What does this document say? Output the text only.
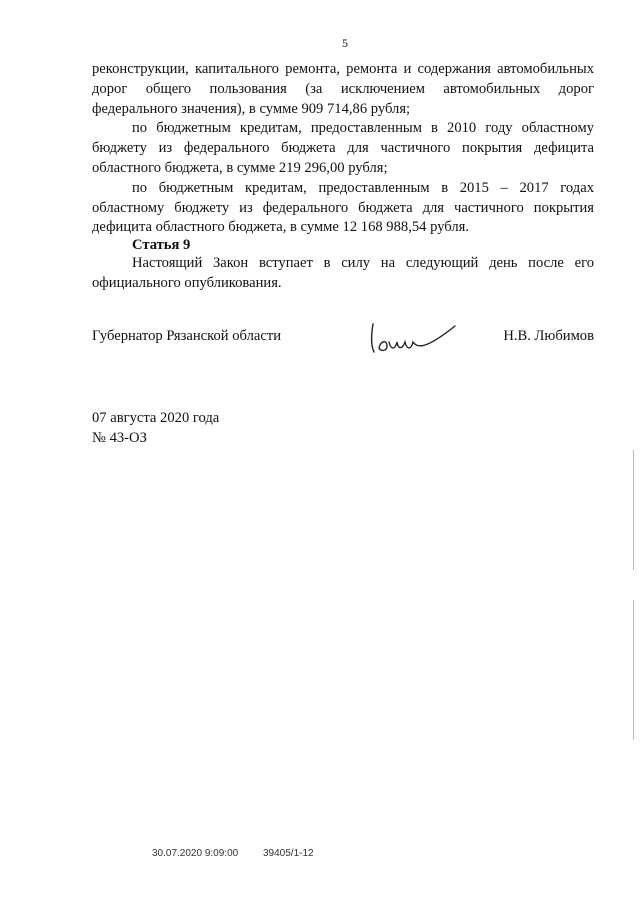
5

реконструкции, капитального ремонта, ремонта и содержания автомобильных дорог общего пользования (за исключением автомобильных дорог федерального значения), в сумме 909 714,86 рубля;

по бюджетным кредитам, предоставленным в 2010 году областному бюджету из федерального бюджета для частичного покрытия дефицита областного бюджета, в сумме 219 296,00 рубля;

по бюджетным кредитам, предоставленным в 2015 – 2017 годах областному бюджету из федерального бюджета для частичного покрытия дефицита областного бюджета, в сумме 12 168 988,54 рубля.

Статья 9
Настоящий Закон вступает в силу на следующий день после его официального опубликования.
Губернатор Рязанской области	Н.В. Любимов
07 августа 2020 года
№ 43-ОЗ
30.07.2020 9:09:00 39405/1-12
